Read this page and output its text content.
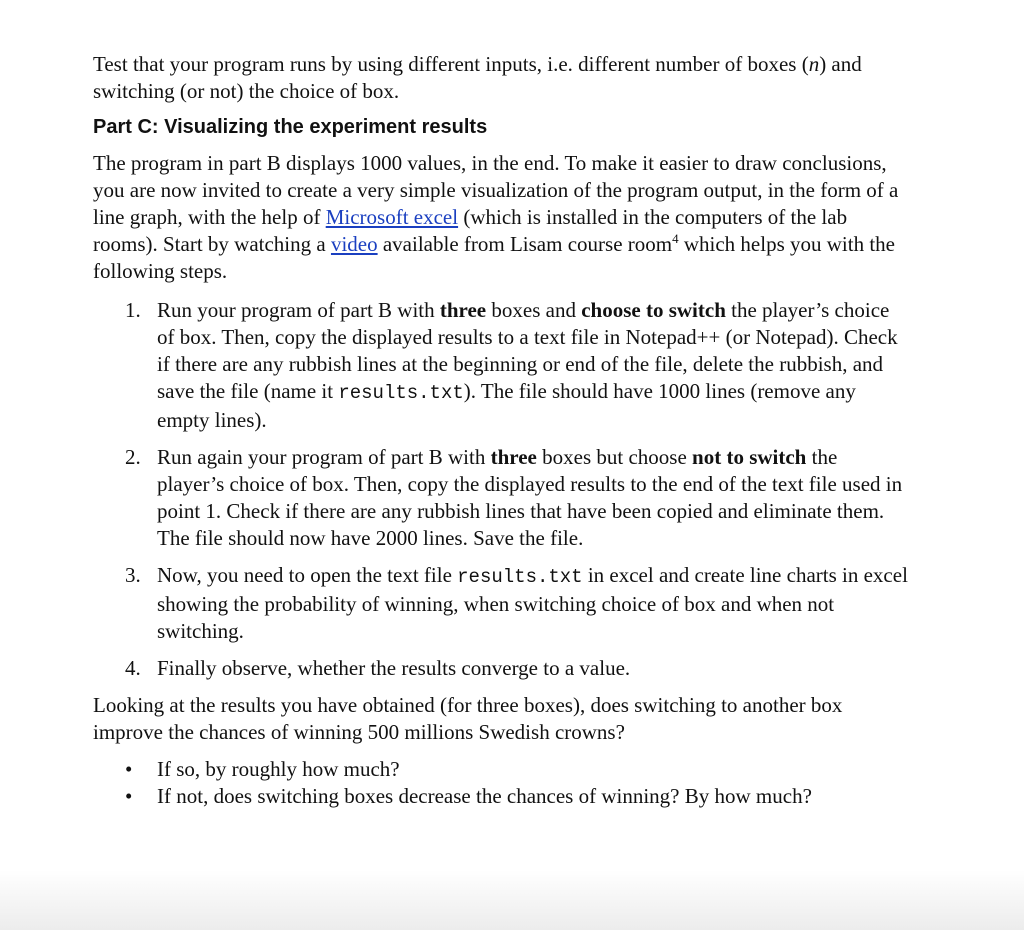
Test that your program runs by using different inputs, i.e. different number of boxes (n) and switching (or not) the choice of box.

Part C: Visualizing the experiment results

The program in part B displays 1000 values, in the end. To make it easier to draw conclusions, you are now invited to create a very simple visualization of the program output, in the form of a line graph, with the help of Microsoft excel (which is installed in the computers of the lab rooms). Start by watching a video available from Lisam course room$^4$ which helps you with the following steps.

1. Run your program of part B with three boxes and choose to switch the player’s choice of box. Then, copy the displayed results to a text file in Notepad++ (or Notepad). Check if there are any rubbish lines at the beginning or end of the file, delete the rubbish, and save the file (name it results.txt). The file should have 1000 lines (remove any empty lines).
2. Run again your program of part B with three boxes but choose not to switch the player’s choice of box. Then, copy the displayed results to the end of the text file used in point 1. Check if there are any rubbish lines that have been copied and eliminate them. The file should now have 2000 lines. Save the file.
3. Now, you need to open the text file results.txt in excel and create line charts in excel showing the probability of winning, when switching choice of box and when not switching.
4. Finally observe, whether the results converge to a value.

Looking at the results you have obtained (for three boxes), does switching to another box improve the chances of winning 500 millions Swedish crowns?

• If so, by roughly how much?
• If not, does switching boxes decrease the chances of winning? By how much?
